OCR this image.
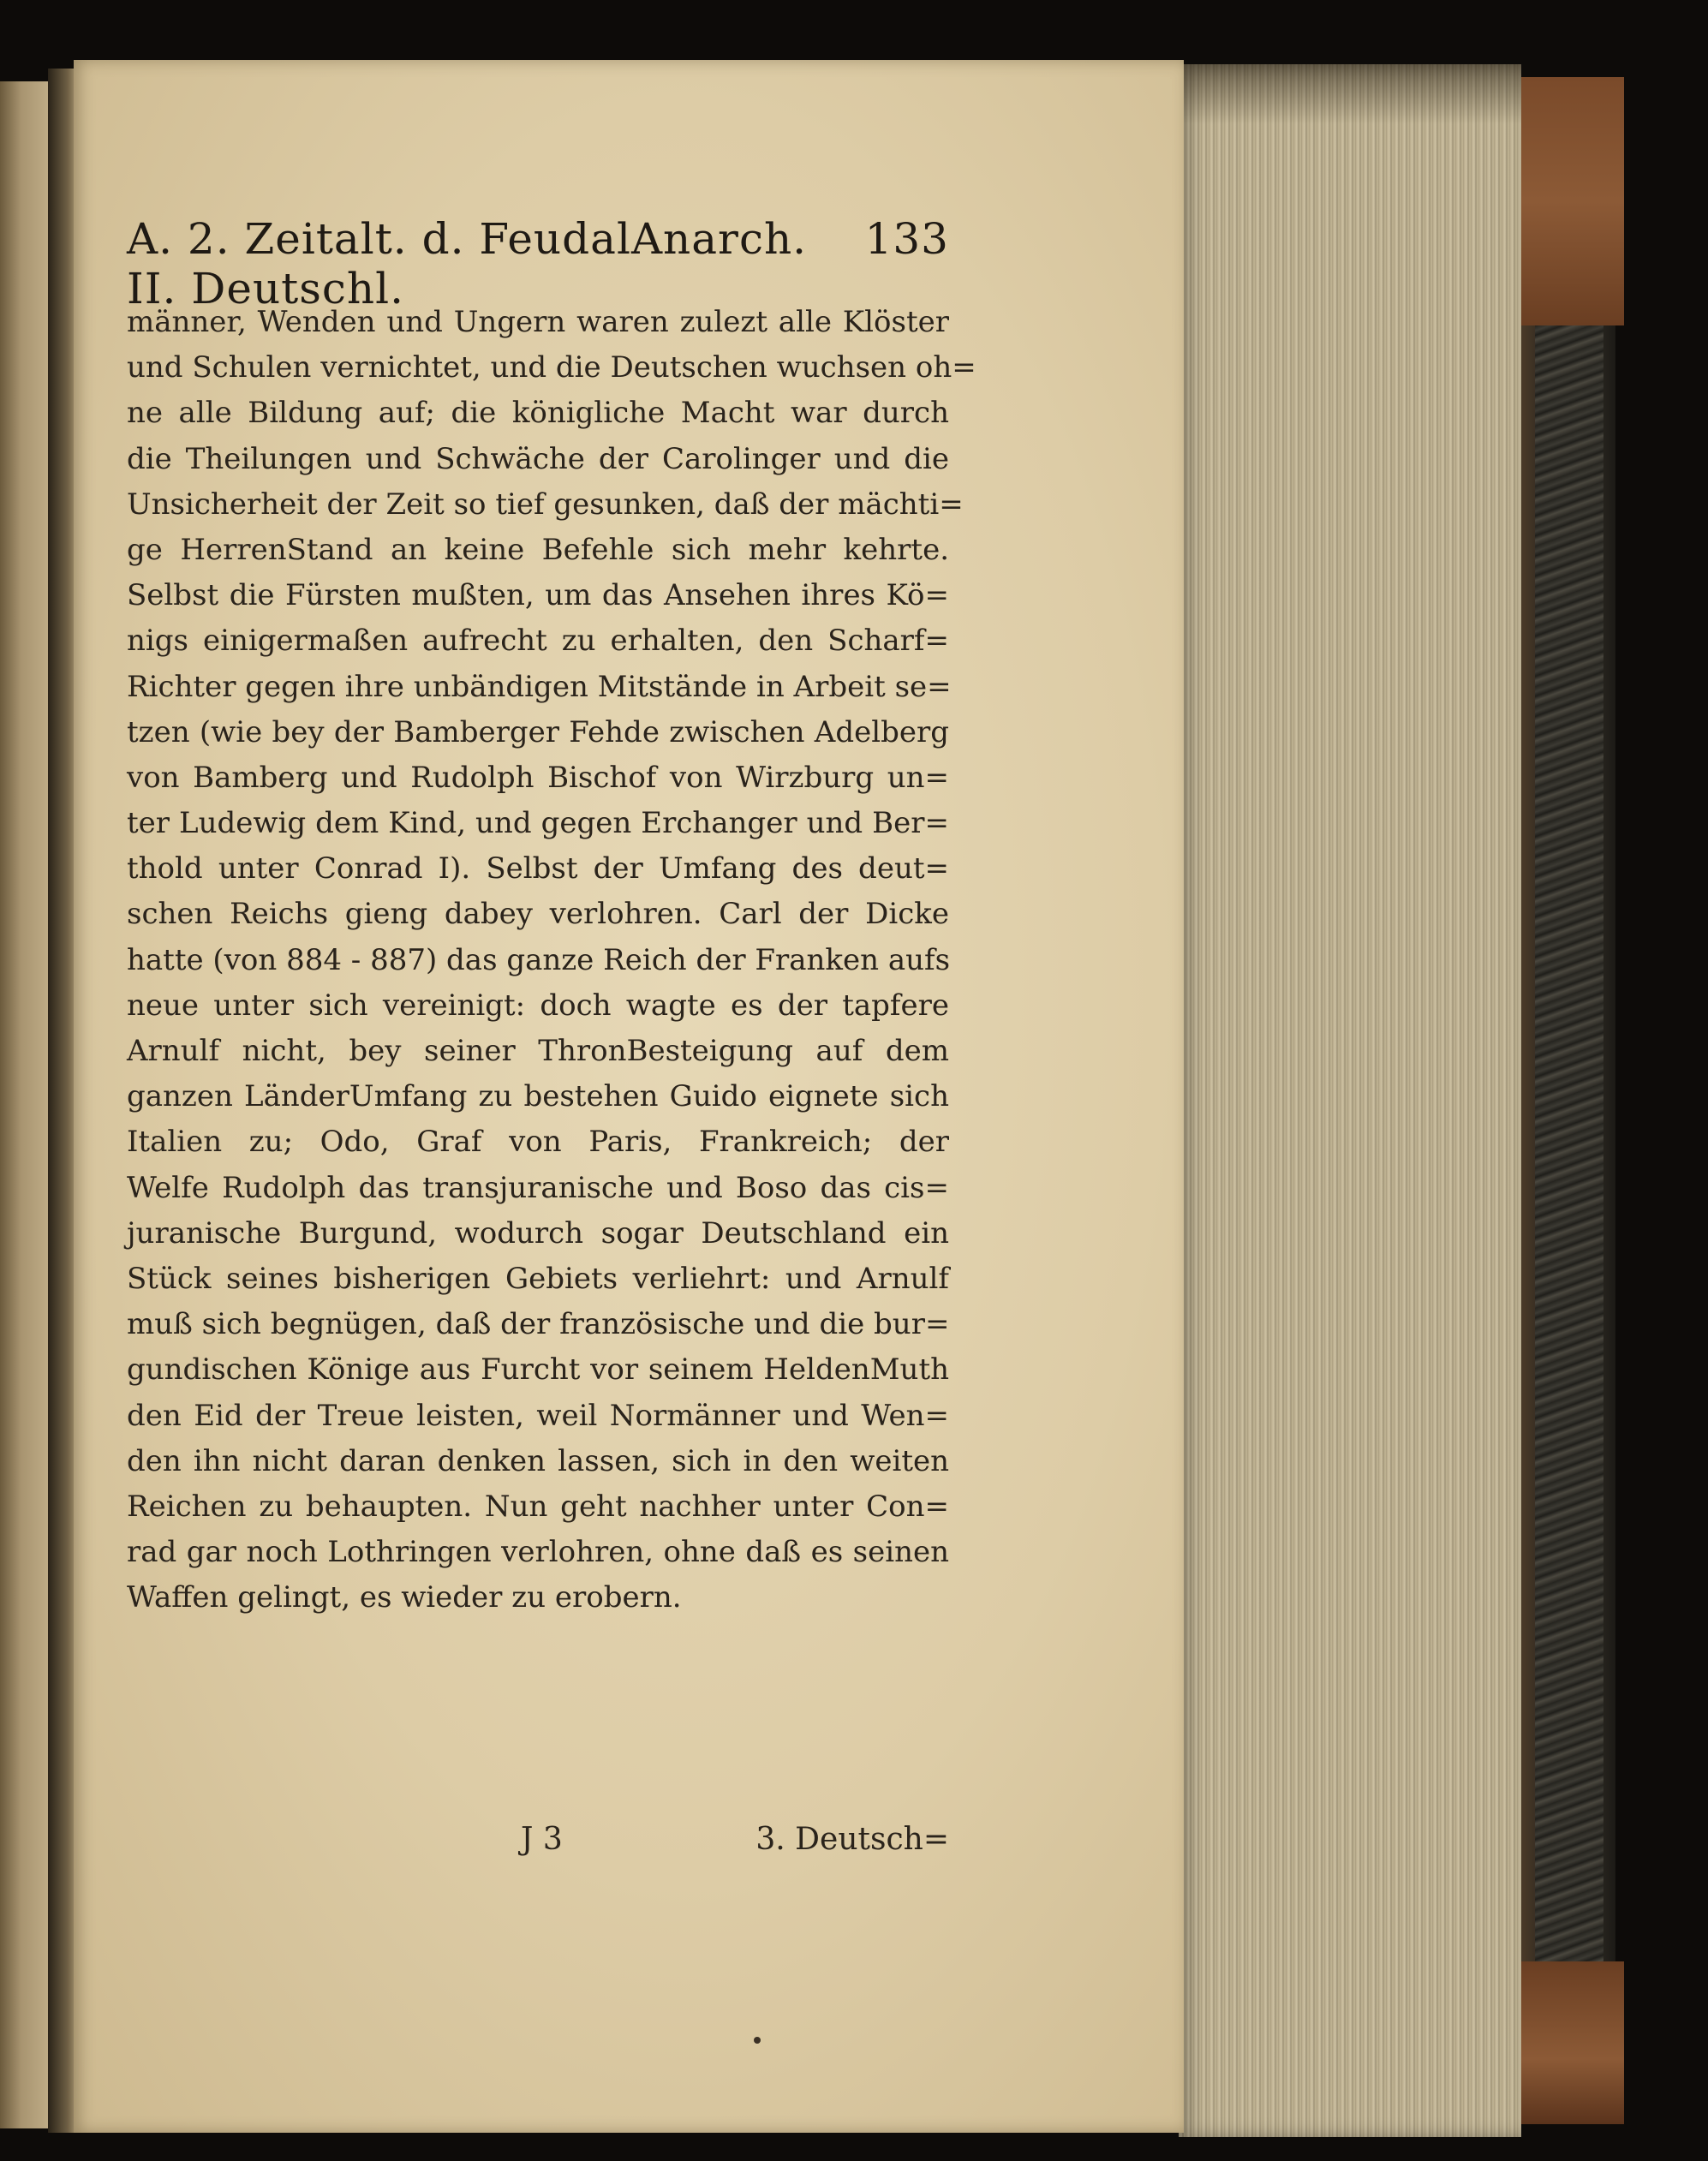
A. 2. Zeitalt. d. FeudalAnarch. II. Deutschl.
133
männer, Wenden und Ungern waren zulezt alle Klöster
und Schulen vernichtet, und die Deutschen wuchsen oh=
ne alle Bildung auf; die königliche Macht war durch
die Theilungen und Schwäche der Carolinger und die
Unsicherheit der Zeit so tief gesunken, daß der mächti=
ge HerrenStand an keine Befehle sich mehr kehrte.
Selbst die Fürsten mußten, um das Ansehen ihres Kö=
nigs einigermaßen aufrecht zu erhalten, den Scharf=
Richter gegen ihre unbändigen Mitstände in Arbeit se=
tzen (wie bey der Bamberger Fehde zwischen Adelberg
von Bamberg und Rudolph Bischof von Wirzburg un=
ter Ludewig dem Kind, und gegen Erchanger und Ber=
thold unter Conrad I). Selbst der Umfang des deut=
schen Reichs gieng dabey verlohren. Carl der Dicke
hatte (von 884 - 887) das ganze Reich der Franken aufs
neue unter sich vereinigt: doch wagte es der tapfere
Arnulf nicht, bey seiner ThronBesteigung auf dem
ganzen LänderUmfang zu bestehen Guido eignete sich
Italien zu; Odo, Graf von Paris, Frankreich; der
Welfe Rudolph das transjuranische und Boso das cis=
juranische Burgund, wodurch sogar Deutschland ein
Stück seines bisherigen Gebiets verliehrt: und Arnulf
muß sich begnügen, daß der französische und die bur=
gundischen Könige aus Furcht vor seinem HeldenMuth
den Eid der Treue leisten, weil Normänner und Wen=
den ihn nicht daran denken lassen, sich in den weiten
Reichen zu behaupten. Nun geht nachher unter Con=
rad gar noch Lothringen verlohren, ohne daß es seinen
Waffen gelingt, es wieder zu erobern.
J 3	3. Deutsch=
